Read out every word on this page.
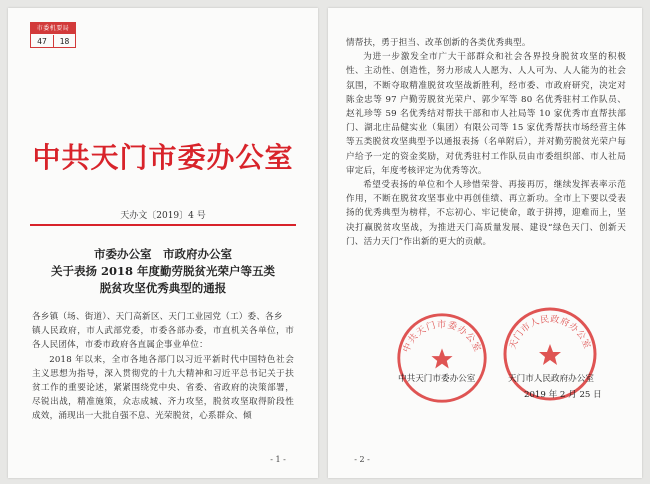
市委机要局
47	18
中共天门市委办公室
天办文〔2019〕4 号
市委办公室　市政府办公室
关于表扬 2018 年度勤劳脱贫光荣户等五类
脱贫攻坚优秀典型的通报

各乡镇（场、街道）、天门高新区、天门工业园党（工）委、各乡

镇人民政府，市人武部党委，市委各部办委，市直机关各单位，市各人民团体，市委市政府各直属企事业单位：

2018 年以来，全市各地各部门以习近平新时代中国特色社会主义思想为指导，深入贯彻党的十九大精神和习近平总书记关于扶贫工作的重要论述，紧紧围绕党中央、省委、省政府的决策部署，尽锐出战，精准施策，众志成城、齐力攻坚，脱贫攻坚取得阶段性成效，涌现出一大批自强不息、光荣脱贫，心系群众、倾

- 1 -

情帮扶，勇于担当、改革创新的各类优秀典型。

为进一步激发全市广大干部群众和社会各界投身脱贫攻坚的积极性、主动性、创造性，努力形成人人愿为、人人可为、人人能为的社会氛围，不断夺取精准脱贫攻坚战新胜利，经市委、市政府研究，决定对陈金忠等 97 户勤劳脱贫光荣户、郭少军等 80 名优秀驻村工作队员、赵礼珍等 59 名优秀结对帮扶干部和市人社局等 10 家优秀市直帮扶部门、湖北庄品健实业（集团）有限公司等 15 家优秀帮扶市场经营主体等五类脱贫攻坚典型予以通报表扬（名单附后），并对勤劳脱贫光荣户每户给予一定的资金奖励，对优秀驻村工作队员由市委组织部、市人社局审定后，年度考核评定为优秀等次。

希望受表扬的单位和个人珍惜荣誉、再接再厉，继续发挥表率示范作用，不断在脱贫攻坚事业中再创佳绩、再立新功。全市上下要以受表扬的优秀典型为榜样，不忘初心、牢记使命，敢于拼搏，迎难而上，坚决打赢脱贫攻坚战，为推进天门高质量发展、建设“绿色天门、创新天门、活力天门”作出新的更大的贡献。

中共天门市委办公室	天门市人民政府办公室
中共天门市委办公室	天门市人民政府办公室
2019 年 2 月 25 日
- 2 -
